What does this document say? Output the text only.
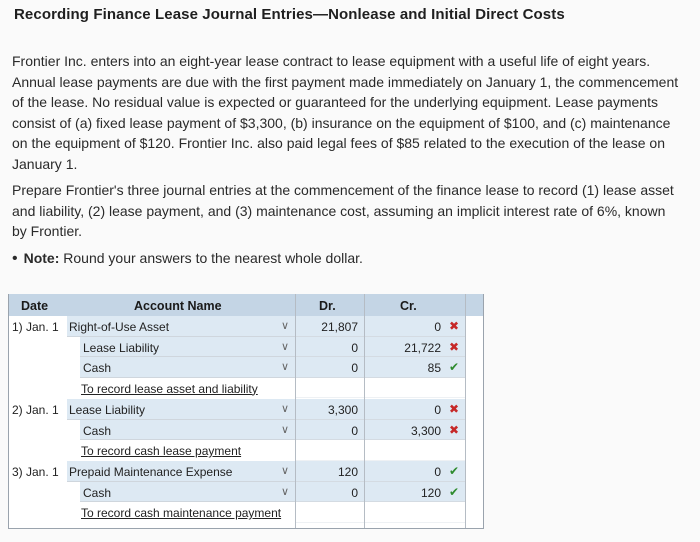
Recording Finance Lease Journal Entries—Nonlease and Initial Direct Costs
Frontier Inc. enters into an eight-year lease contract to lease equipment with a useful life of eight years. Annual lease payments are due with the first payment made immediately on January 1, the commencement of the lease. No residual value is expected or guaranteed for the underlying equipment. Lease payments consist of (a) fixed lease payment of $3,300, (b) insurance on the equipment of $100, and (c) maintenance on the equipment of $120. Frontier Inc. also paid legal fees of $85 related to the execution of the lease on January 1.
Prepare Frontier's three journal entries at the commencement of the finance lease to record (1) lease asset and liability, (2) lease payment, and (3) maintenance cost, assuming an implicit interest rate of 6%, known by Frontier.
• Note: Round your answers to the nearest whole dollar.
Date	Account Name	Dr.	Cr.
1) Jan. 1 Right-of-Use Asset	∨	21,807	0 ✖
Lease Liability	∨	0	21,722 ✖
Cash	∨	0	85 ✔
To record lease asset and liability
2) Jan. 1 Lease Liability	∨	3,300	0 ✖
Cash	∨	0	3,300 ✖
To record cash lease payment
3) Jan. 1 Prepaid Maintenance Expense	∨	120	0 ✔
Cash	∨	0	120 ✔
To record cash maintenance payment
